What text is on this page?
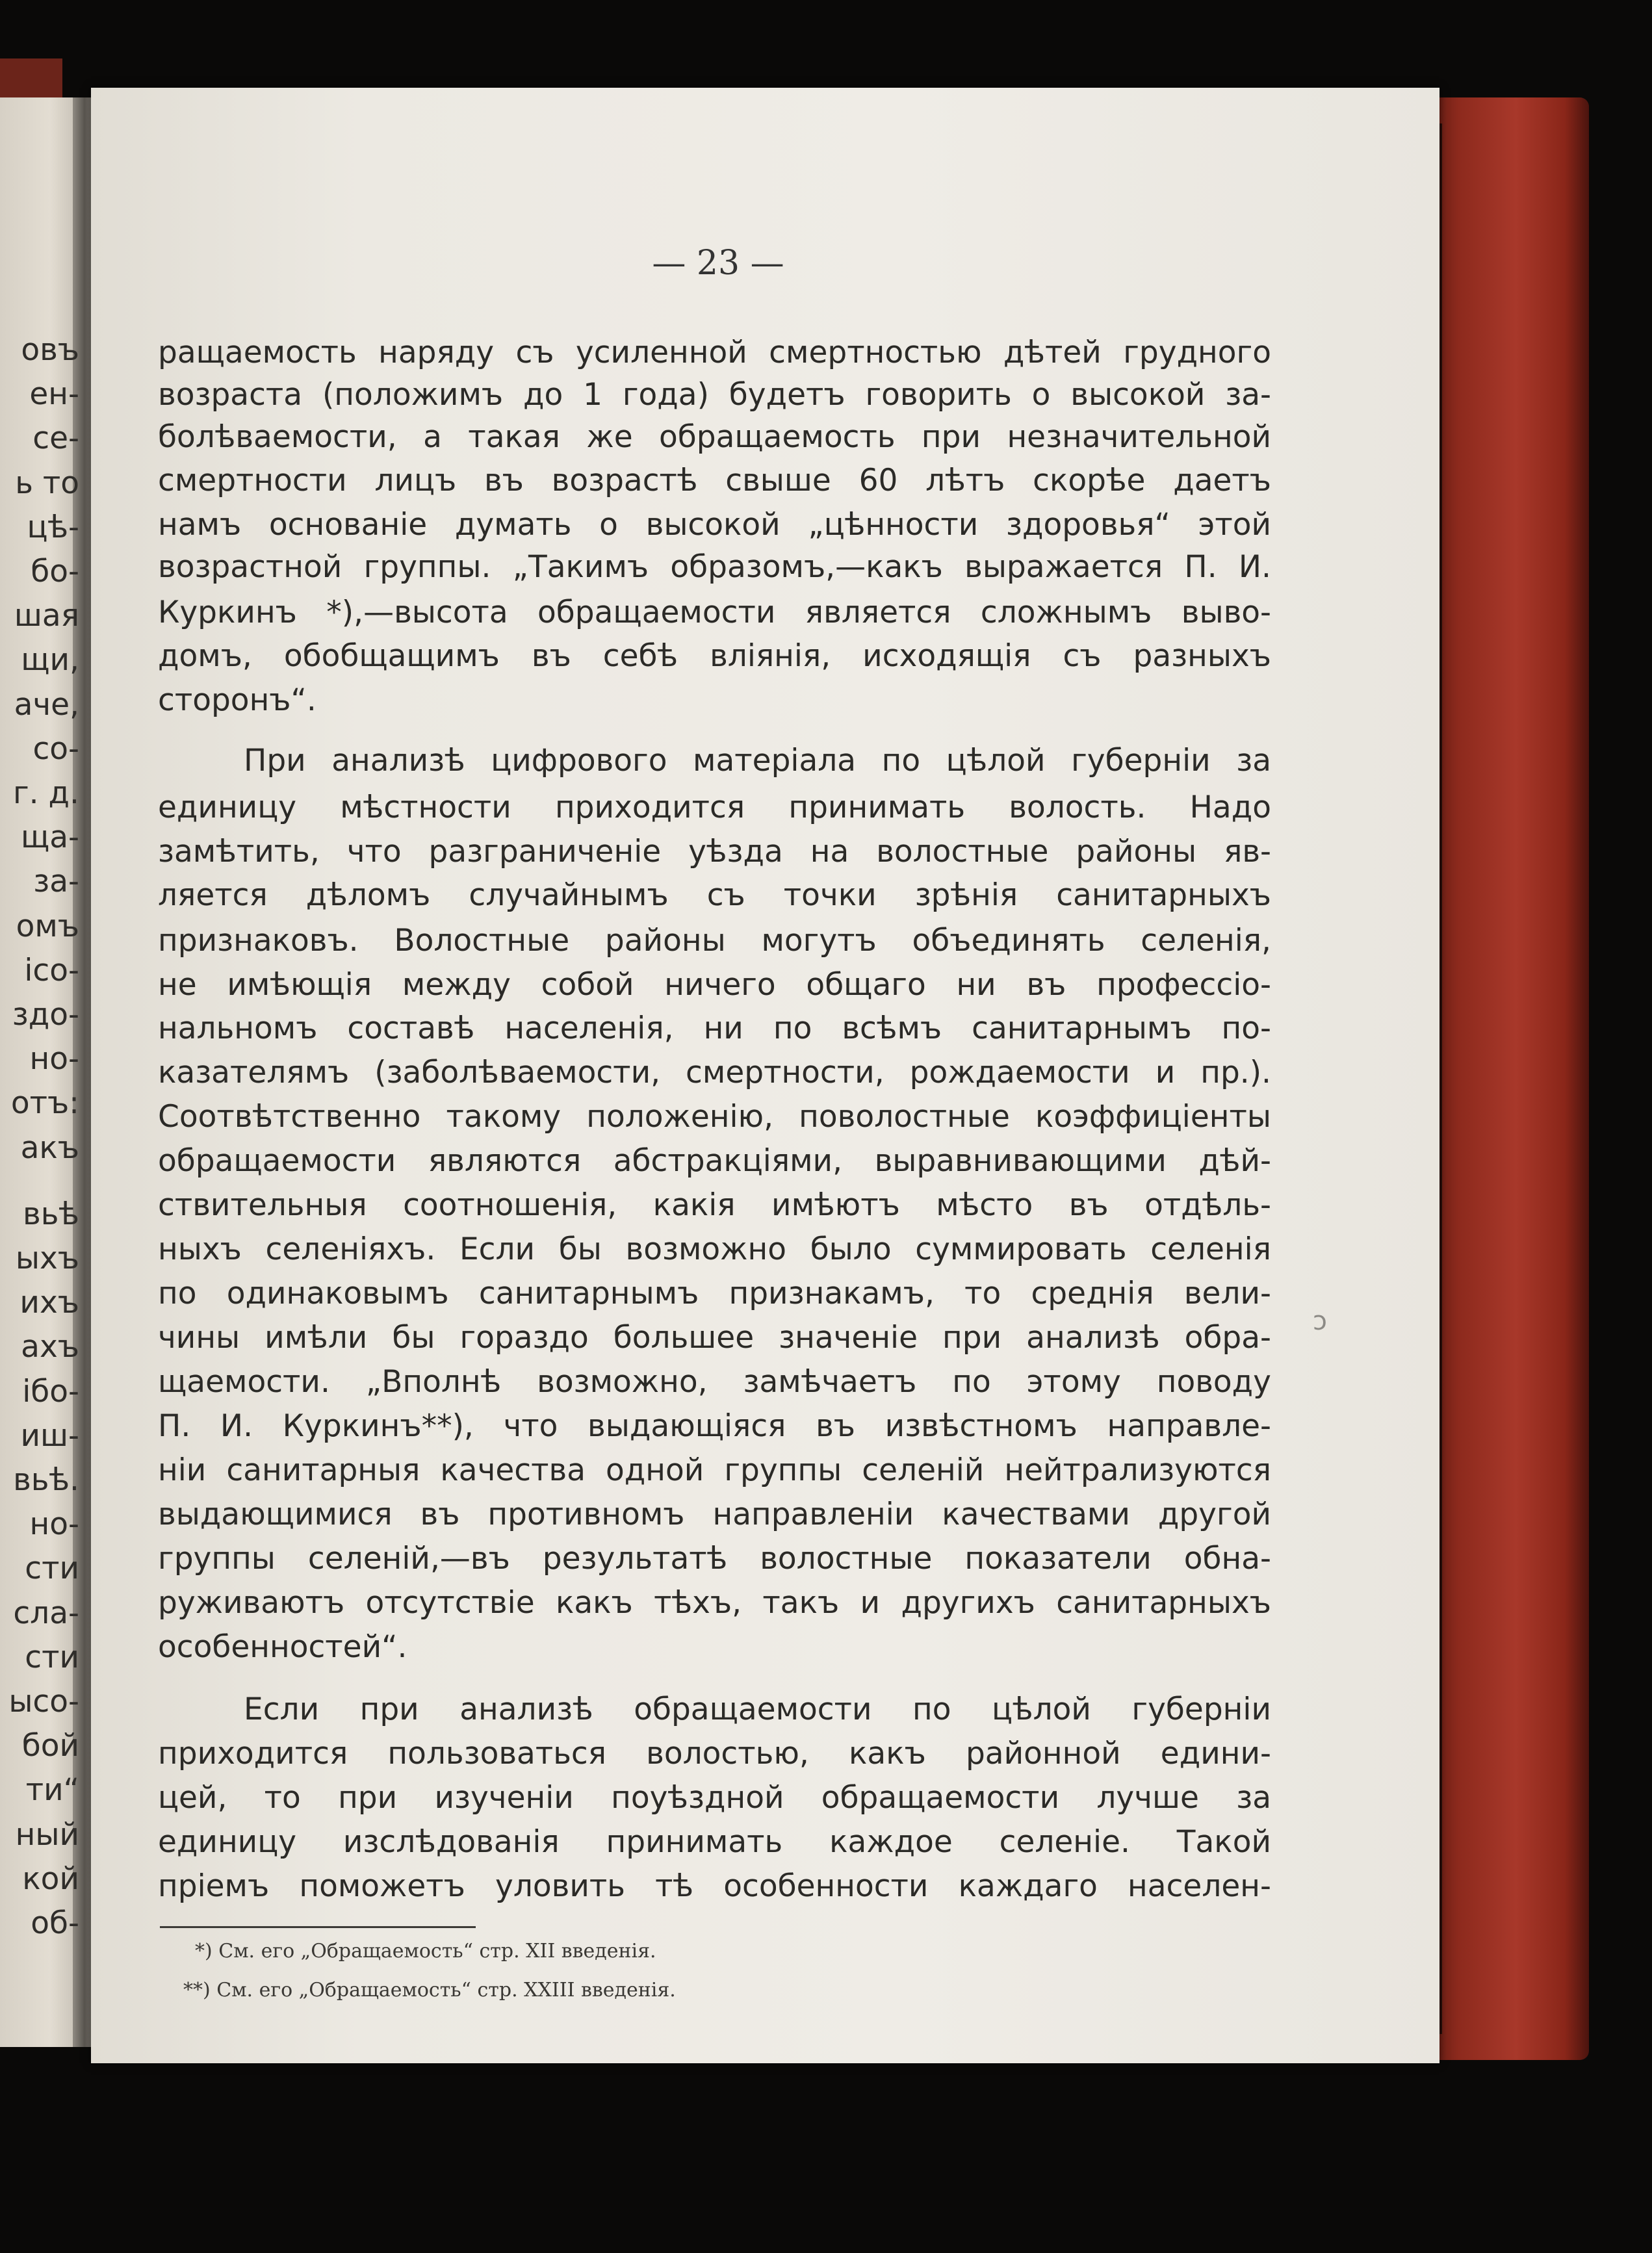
— 23 —
ращаемость наряду съ усиленной смертностью дѣтей грудного
возраста (положимъ до 1 года) будетъ говорить о высокой за-
болѣваемости, а такая же обращаемость при незначительной
смертности лицъ въ возрастѣ свыше 60 лѣтъ скорѣе даетъ
намъ основаніе думать о высокой „цѣнности здоровья“ этой
возрастной группы. „Такимъ образомъ,—какъ выражается П. И.
Куркинъ *),—высота обращаемости является сложнымъ выво-
домъ, обобщащимъ въ себѣ вліянія, исходящія съ разныхъ
сторонъ“.
При анализѣ цифрового матеріала по цѣлой губерніи за
единицу мѣстности приходится принимать волость. Надо
замѣтить, что разграниченіе уѣзда на волостные районы яв-
ляется дѣломъ случайнымъ съ точки зрѣнія санитарныхъ
признаковъ. Волостные районы могутъ объединять селенія,
не имѣющія между собой ничего общаго ни въ профессіо-
нальномъ составѣ населенія, ни по всѣмъ санитарнымъ по-
казателямъ (заболѣваемости, смертности, рождаемости и пр.).
Соотвѣтственно такому положенію, поволостные коэффиціенты
обращаемости являются абстракціями, выравнивающими дѣй-
ствительныя соотношенія, какія имѣютъ мѣсто въ отдѣль-
ныхъ селеніяхъ. Если бы возможно было суммировать селенія
по одинаковымъ санитарнымъ признакамъ, то среднія вели-
чины имѣли бы гораздо большее значеніе при анализѣ обра-
щаемости. „Вполнѣ возможно, замѣчаетъ по этому поводу
П. И. Куркинъ**), что выдающіяся въ извѣстномъ направле-
ніи санитарныя качества одной группы селеній нейтрализуются
выдающимися въ противномъ направленіи качествами другой
группы селеній,—въ результатѣ волостные показатели обна-
руживаютъ отсутствіе какъ тѣхъ, такъ и другихъ санитарныхъ
особенностей“.
Если при анализѣ обращаемости по цѣлой губерніи
приходится пользоваться волостью, какъ районной едини-
цей, то при изученіи поуѣздной обращаемости лучше за
единицу изслѣдованія принимать каждое селеніе. Такой
пріемъ поможетъ уловить тѣ особенности каждаго населен-
*) См. его „Обращаемость“ стр. XII введенія.
**) См. его „Обращаемость“ стр. XXIII введенія.
ͻ
овъ
ен-
се-
ь то
цѣ-
бо-
шая
щи,
аче,
со-
г. д.
ща-
за-
омъ
ісо-
здо-
но-
отъ:
акъ
вьѣ
ыхъ
ихъ
ахъ
ібо-
иш-
вьѣ.
но-
сти
сла-
сти
ысо-
бой
ти“
ный
кой
об-
